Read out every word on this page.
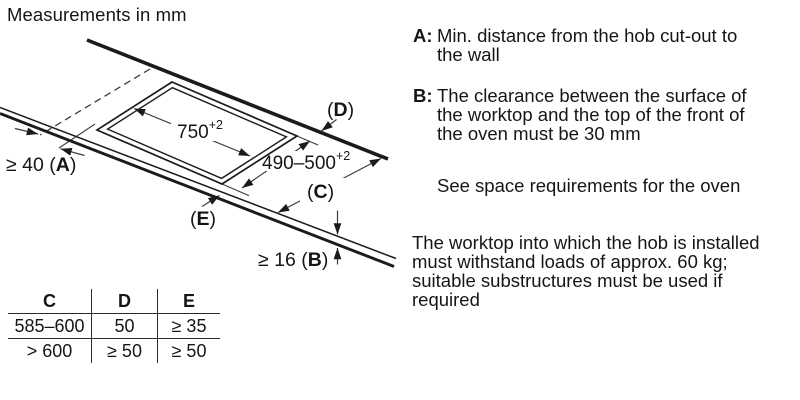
Measurements in mm
$750^{+2}$
$490-500^{+2}$
≥ 40 (A)
≥ 16 (B)
(C)
(D)
(E)
C	D	E
585–600	50	≥ 35
> 600	≥ 50	≥ 50
A: Min. distance from the hob cut-out to the wall
B: The clearance between the surface of the worktop and the top of the front of the oven must be 30 mm
See space requirements for the oven
The worktop into which the hob is installed must withstand loads of approx. 60 kg; suitable substructures must be used if required
